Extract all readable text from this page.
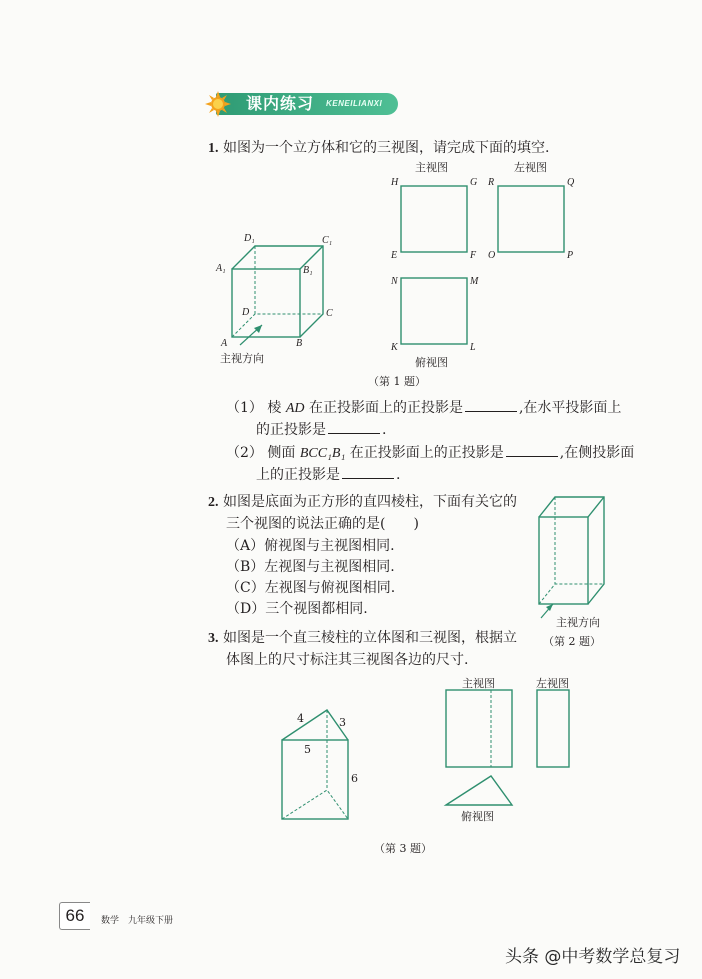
课内练习 KENEILIANXI
1. 如图为一个立方体和它的三视图，请完成下面的填空.
D₁	C₁
A₁	B₁
D	C
A	B
主视方向
主视图	左视图
俯视图
H	G
E	F
R	Q
O	P
N	M
K	L
（第 1 题）
（1） 棱 AD 在正投影面上的正投影是	,在水平投影面上
的正投影是	.
（2） 侧面 BCC₁B₁ 在正投影面上的正投影是	,在侧投影面
上的正投影是	.
2. 如图是底面为正方形的直四棱柱，下面有关它的
三个视图的说法正确的是(　　)
（A）俯视图与主视图相同.
（B）左视图与主视图相同.
（C）左视图与俯视图相同.
（D）三个视图都相同.
主视方向
（第 2 题）
3. 如图是一个直三棱柱的立体图和三视图，根据立
体图上的尺寸标注其三视图各边的尺寸.
主视图	左视图
俯视图
4	3
5
6
（第 3 题）
66	数学　九年级下册
头条 @中考数学总复习
